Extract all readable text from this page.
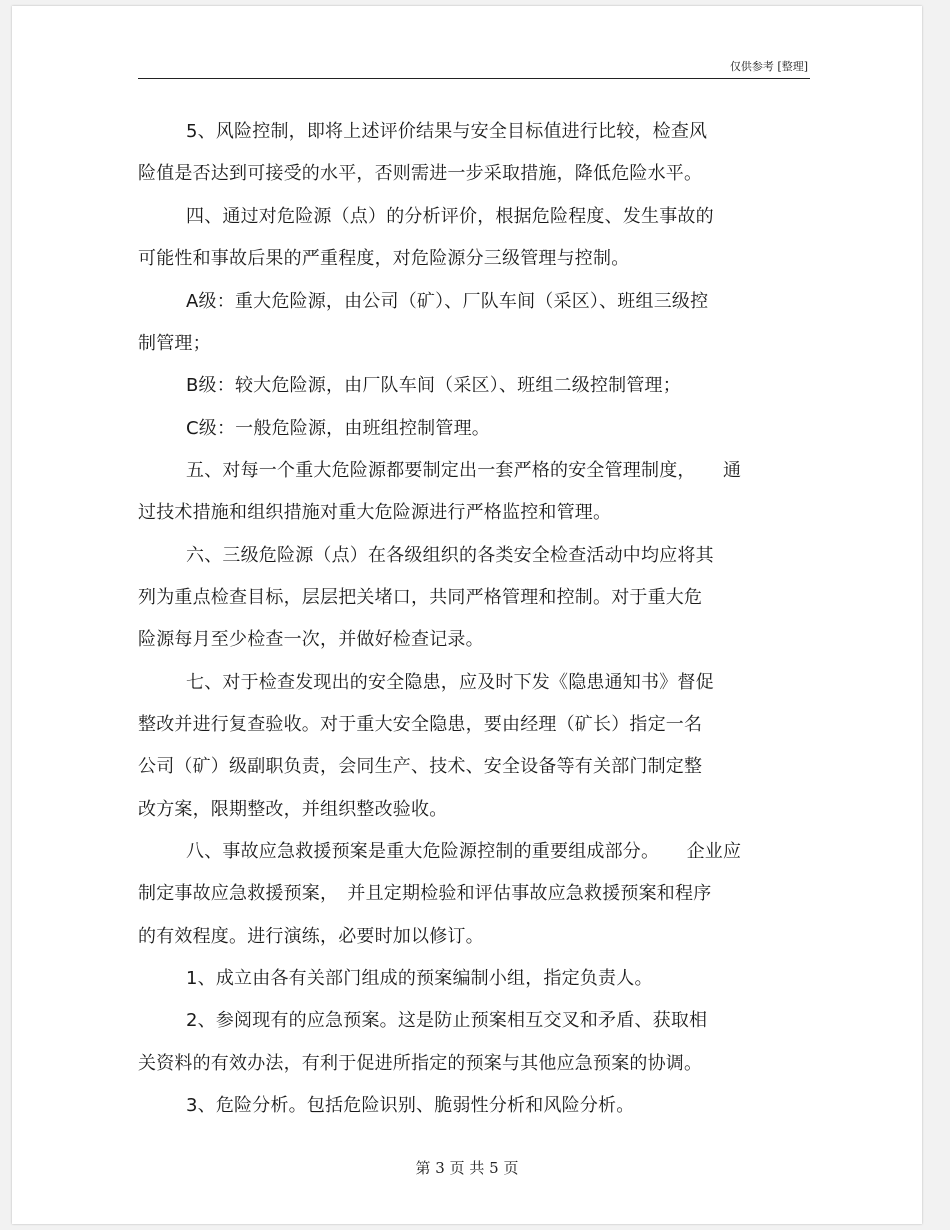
仅供参考 [整理]
5、风险控制，即将上述评价结果与安全目标值进行比较，检查风
险值是否达到可接受的水平，否则需进一步采取措施，降低危险水平。
四、通过对危险源（点）的分析评价，根据危险程度、发生事故的
可能性和事故后果的严重程度，对危险源分三级管理与控制。
A级：重大危险源，由公司（矿）、厂队车间（采区）、班组三级控
制管理；
B级：较大危险源，由厂队车间（采区）、班组二级控制管理；
C级：一般危险源，由班组控制管理。
五、对每一个重大危险源都要制定出一套严格的安全管理制度，　　通
过技术措施和组织措施对重大危险源进行严格监控和管理。
六、三级危险源（点）在各级组织的各类安全检查活动中均应将其
列为重点检查目标，层层把关堵口，共同严格管理和控制。对于重大危
险源每月至少检查一次，并做好检查记录。
七、对于检查发现出的安全隐患，应及时下发《隐患通知书》督促
整改并进行复查验收。对于重大安全隐患，要由经理（矿长）指定一名
公司（矿）级副职负责，会同生产、技术、安全设备等有关部门制定整
改方案，限期整改，并组织整改验收。
八、事故应急救援预案是重大危险源控制的重要组成部分。　　企业应
制定事故应急救援预案，　并且定期检验和评估事故应急救援预案和程序
的有效程度。进行演练，必要时加以修订。
1、成立由各有关部门组成的预案编制小组，指定负责人。
2、参阅现有的应急预案。这是防止预案相互交叉和矛盾、获取相
关资料的有效办法，有利于促进所指定的预案与其他应急预案的协调。
3、危险分析。包括危险识别、脆弱性分析和风险分析。
第 3 页 共 5 页
